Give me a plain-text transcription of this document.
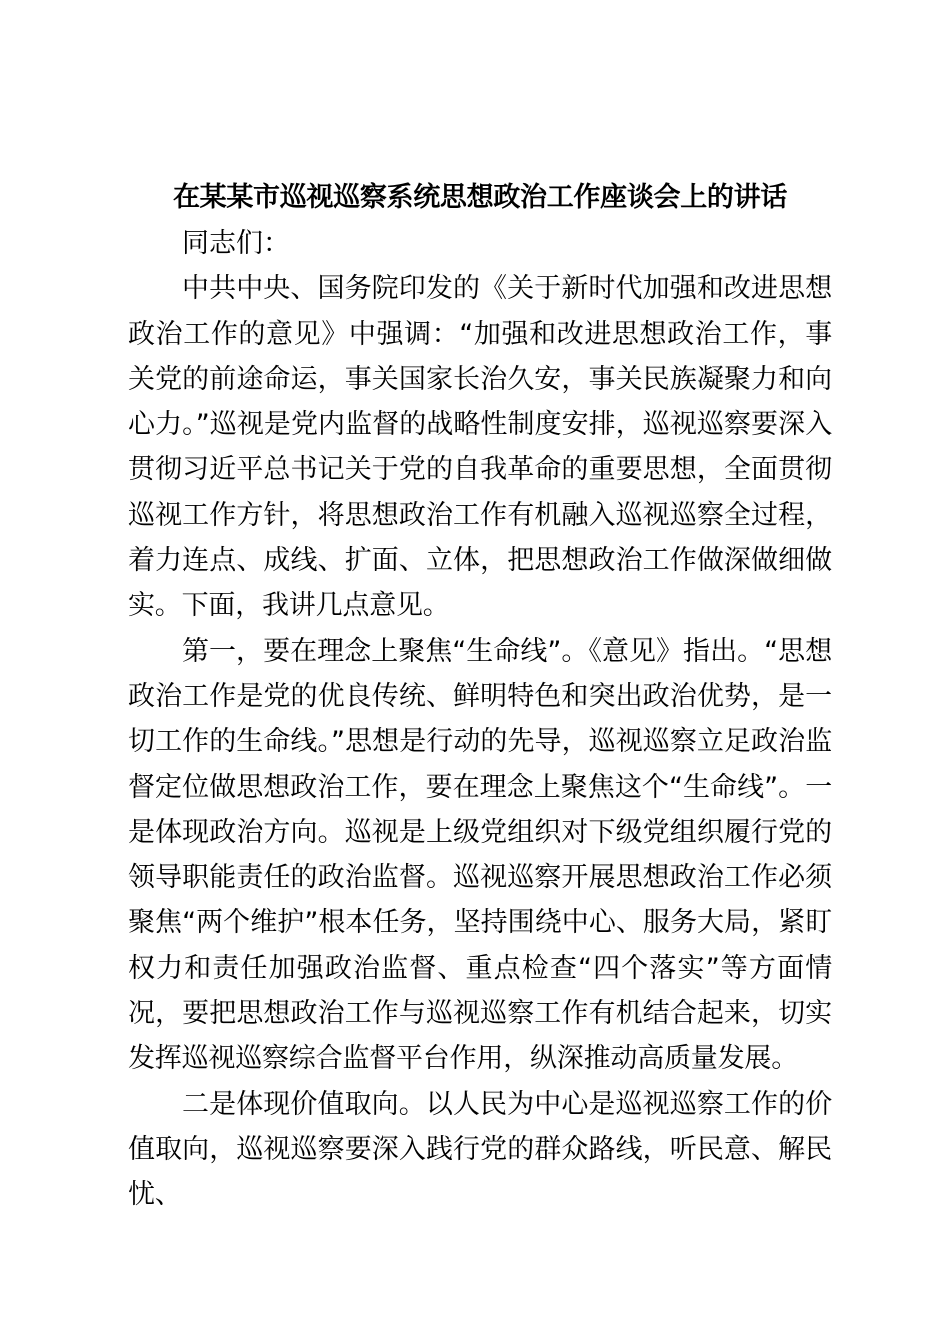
在某某市巡视巡察系统思想政治工作座谈会上的讲话

同志们：

中共中央、国务院印发的《关于新时代加强和改进思想政治工作的意见》中强调：“加强和改进思想政治工作，事关党的前途命运，事关国家长治久安，事关民族凝聚力和向心力。”巡视是党内监督的战略性制度安排，巡视巡察要深入贯彻习近平总书记关于党的自我革命的重要思想，全面贯彻巡视工作方针，将思想政治工作有机融入巡视巡察全过程，着力连点、成线、扩面、立体，把思想政治工作做深做细做实。下面，我讲几点意见。

第一，要在理念上聚焦“生命线”。《意见》指出。“思想政治工作是党的优良传统、鲜明特色和突出政治优势，是一切工作的生命线。”思想是行动的先导，巡视巡察立足政治监督定位做思想政治工作，要在理念上聚焦这个“生命线”。一是体现政治方向。巡视是上级党组织对下级党组织履行党的领导职能责任的政治监督。巡视巡察开展思想政治工作必须聚焦“两个维护”根本任务，坚持围绕中心、服务大局，紧盯权力和责任加强政治监督、重点检查“四个落实”等方面情况，要把思想政治工作与巡视巡察工作有机结合起来，切实发挥巡视巡察综合监督平台作用，纵深推动高质量发展。

二是体现价值取向。以人民为中心是巡视巡察工作的价值取向，巡视巡察要深入践行党的群众路线，听民意、解民忧、
